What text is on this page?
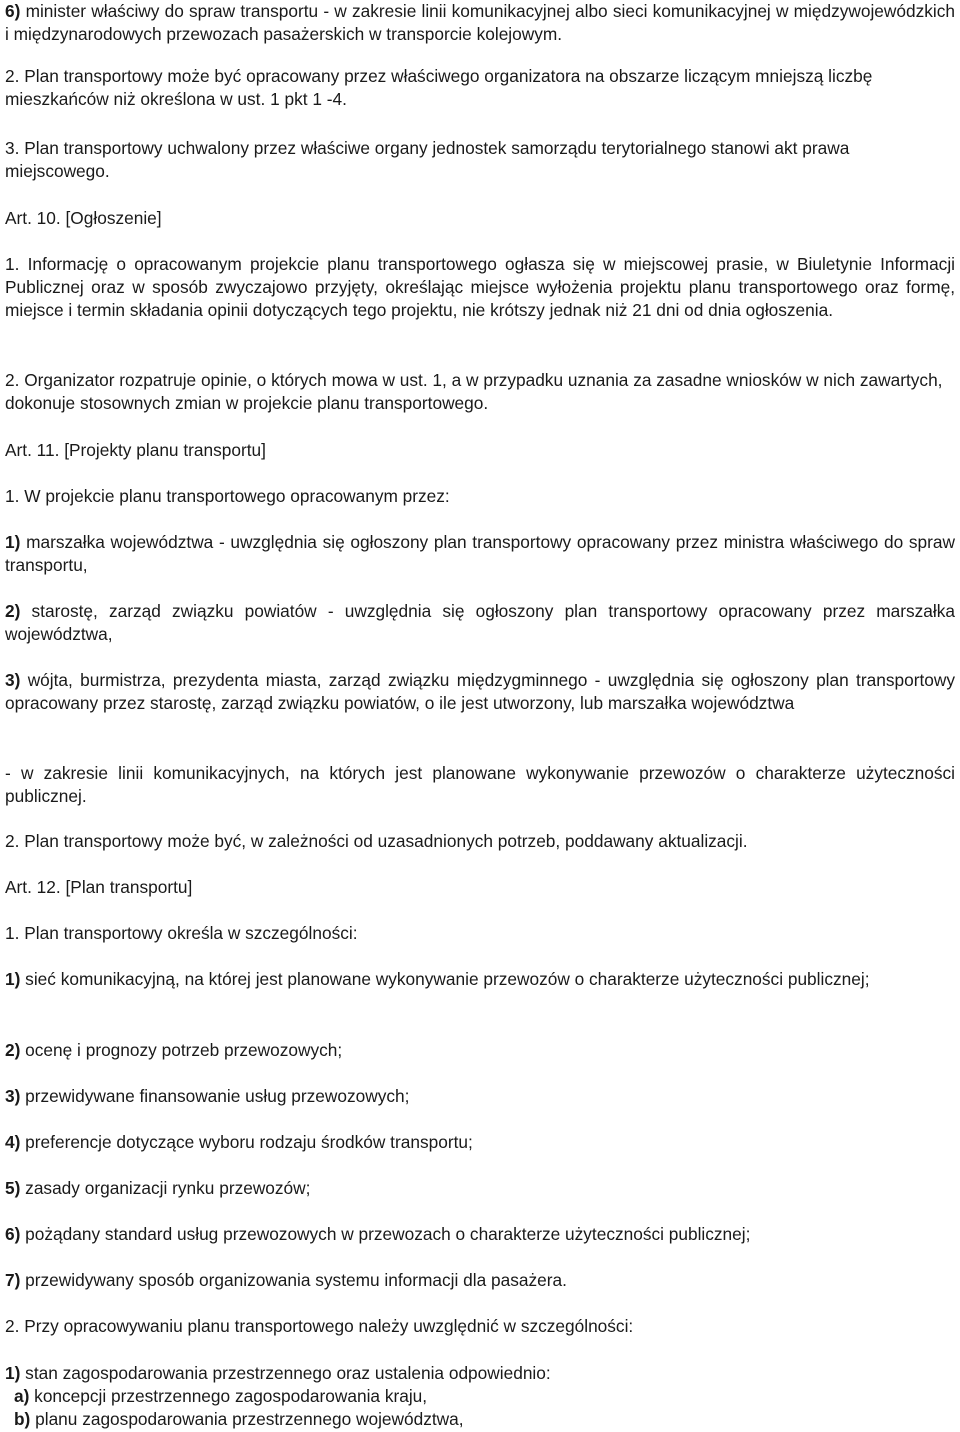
6) minister właściwy do spraw transportu - w zakresie linii komunikacyjnej albo sieci komunikacyjnej w międzywojewódzkich i międzynarodowych przewozach pasażerskich w transporcie kolejowym.

2. Plan transportowy może być opracowany przez właściwego organizatora na obszarze liczącym mniejszą liczbę mieszkańców niż określona w ust. 1 pkt 1 -4.

3. Plan transportowy uchwalony przez właściwe organy jednostek samorządu terytorialnego stanowi akt prawa miejscowego.

Art. 10. [Ogłoszenie]

1. Informację o opracowanym projekcie planu transportowego ogłasza się w miejscowej prasie, w Biuletynie Informacji Publicznej oraz w sposób zwyczajowo przyjęty, określając miejsce wyłożenia projektu planu transportowego oraz formę, miejsce i termin składania opinii dotyczących tego projektu, nie krótszy jednak niż 21 dni od dnia ogłoszenia.

2. Organizator rozpatruje opinie, o których mowa w ust. 1, a w przypadku uznania za zasadne wniosków w nich zawartych, dokonuje stosownych zmian w projekcie planu transportowego.

Art. 11. [Projekty planu transportu]

1. W projekcie planu transportowego opracowanym przez:

1) marszałka województwa - uwzględnia się ogłoszony plan transportowy opracowany przez ministra właściwego do spraw transportu,

2) starostę, zarząd związku powiatów - uwzględnia się ogłoszony plan transportowy opracowany przez marszałka województwa,

3) wójta, burmistrza, prezydenta miasta, zarząd związku międzygminnego - uwzględnia się ogłoszony plan transportowy opracowany przez starostę, zarząd związku powiatów, o ile jest utworzony, lub marszałka województwa

- w zakresie linii komunikacyjnych, na których jest planowane wykonywanie przewozów o charakterze użyteczności publicznej.

2. Plan transportowy może być, w zależności od uzasadnionych potrzeb, poddawany aktualizacji.

Art. 12. [Plan transportu]

1. Plan transportowy określa w szczególności:

1) sieć komunikacyjną, na której jest planowane wykonywanie przewozów o charakterze użyteczności publicznej;

2) ocenę i prognozy potrzeb przewozowych;

3) przewidywane finansowanie usług przewozowych;

4) preferencje dotyczące wyboru rodzaju środków transportu;

5) zasady organizacji rynku przewozów;

6) pożądany standard usług przewozowych w przewozach o charakterze użyteczności publicznej;

7) przewidywany sposób organizowania systemu informacji dla pasażera.

2. Przy opracowywaniu planu transportowego należy uwzględnić w szczególności:

1) stan zagospodarowania przestrzennego oraz ustalenia odpowiednio:

a) koncepcji przestrzennego zagospodarowania kraju,

b) planu zagospodarowania przestrzennego województwa,
